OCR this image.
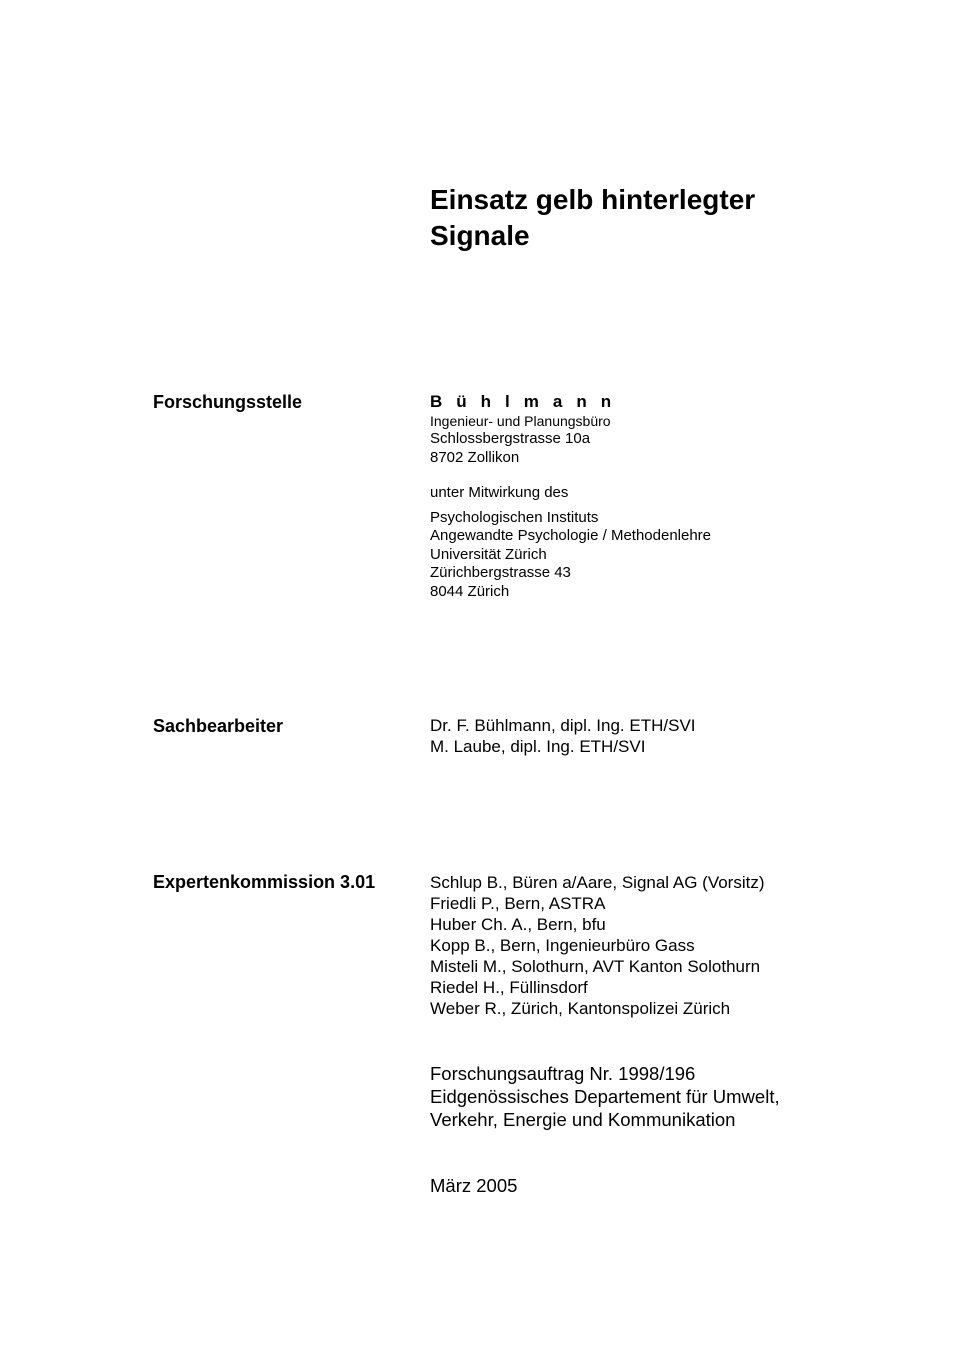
Einsatz gelb hinterlegter
Signale

Forschungsstelle	Bühlmann
Ingenieur- und Planungsbüro
Schlossbergstrasse 10a
8702 Zollikon
unter Mitwirkung des
Psychologischen Instituts
Angewandte Psychologie / Methodenlehre
Universität Zürich
Zürichbergstrasse 43
8044 Zürich

Sachbearbeiter	Dr. F. Bühlmann, dipl. Ing. ETH/SVI
M. Laube, dipl. Ing. ETH/SVI

Expertenkommission 3.01	Schlup B., Büren a/Aare, Signal AG (Vorsitz)
Friedli P., Bern, ASTRA
Huber Ch. A., Bern, bfu
Kopp B., Bern, Ingenieurbüro Gass
Misteli M., Solothurn, AVT Kanton Solothurn
Riedel H., Füllinsdorf
Weber R., Zürich, Kantonspolizei Zürich
Forschungsauftrag Nr. 1998/196
Eidgenössisches Departement für Umwelt,
Verkehr, Energie und Kommunikation
März 2005
